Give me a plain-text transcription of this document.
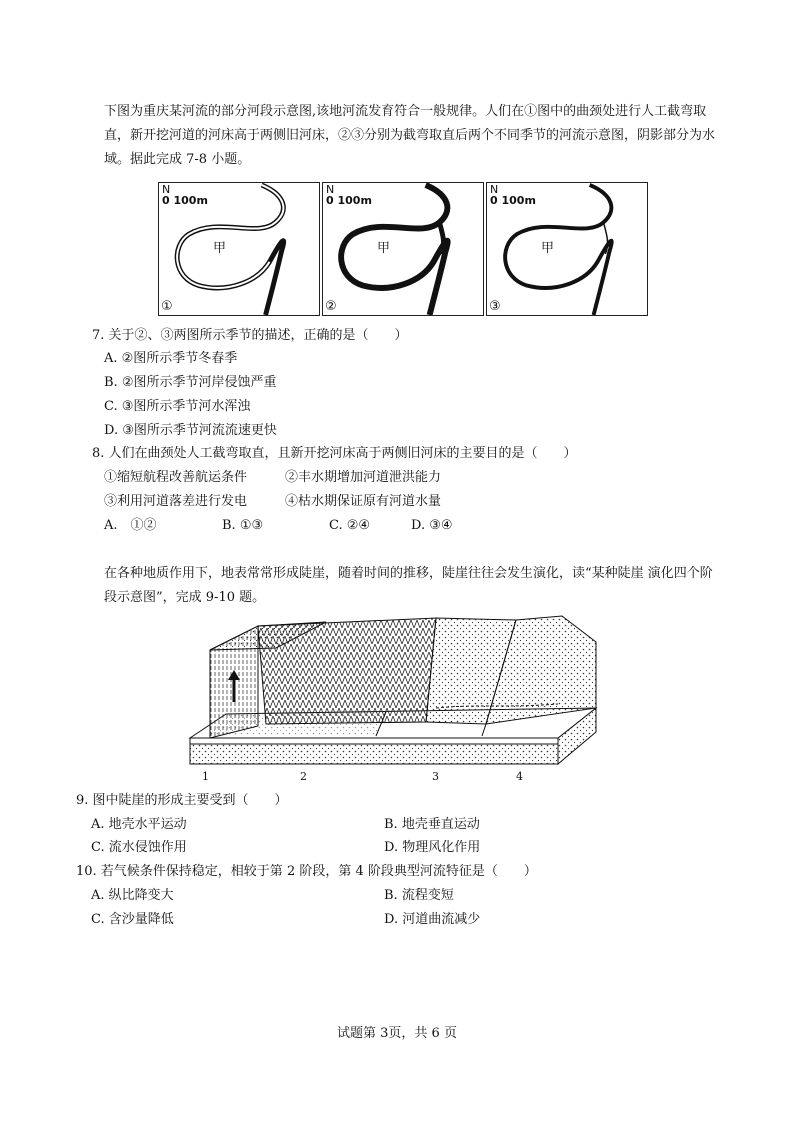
下图为重庆某河流的部分河段示意图,该地河流发育符合一般规律。人们在①图中的曲颈处进行人工截弯取直，新开挖河道的河床高于两侧旧河床，②③分别为截弯取直后两个不同季节的河流示意图，阴影部分为水域。据此完成 7-8 小题。
N
0 100m
甲
①
N
0 100m
甲
②
N
0 100m
甲
③
7. 关于②、③两图所示季节的描述，正确的是（　　）
A. ②图所示季节冬春季
B. ②图所示季节河岸侵蚀严重
C. ③图所示季节河水浑浊
D. ③图所示季节河流流速更快
8. 人们在曲颈处人工截弯取直，且新开挖河床高于两侧旧河床的主要目的是（　　）
①缩短航程改善航运条件	②丰水期增加河道泄洪能力
③利用河道落差进行发电	④枯水期保证原有河道水量
A.　①②	B. ①③	C. ②④	D. ③④
在各种地质作用下，地表常常形成陡崖，随着时间的推移，陡崖往往会发生演化，读“某种陡崖 演化四个阶段示意图”，完成 9-10 题。
1	2	3	4
9. 图中陡崖的形成主要受到（　　）
A. 地壳水平运动	B. 地壳垂直运动
C. 流水侵蚀作用	D. 物理风化作用
10. 若气候条件保持稳定，相较于第 2 阶段，第 4 阶段典型河流特征是（　　）
A. 纵比降变大	B. 流程变短
C. 含沙量降低	D. 河道曲流减少
试题第 3页，共 6 页
